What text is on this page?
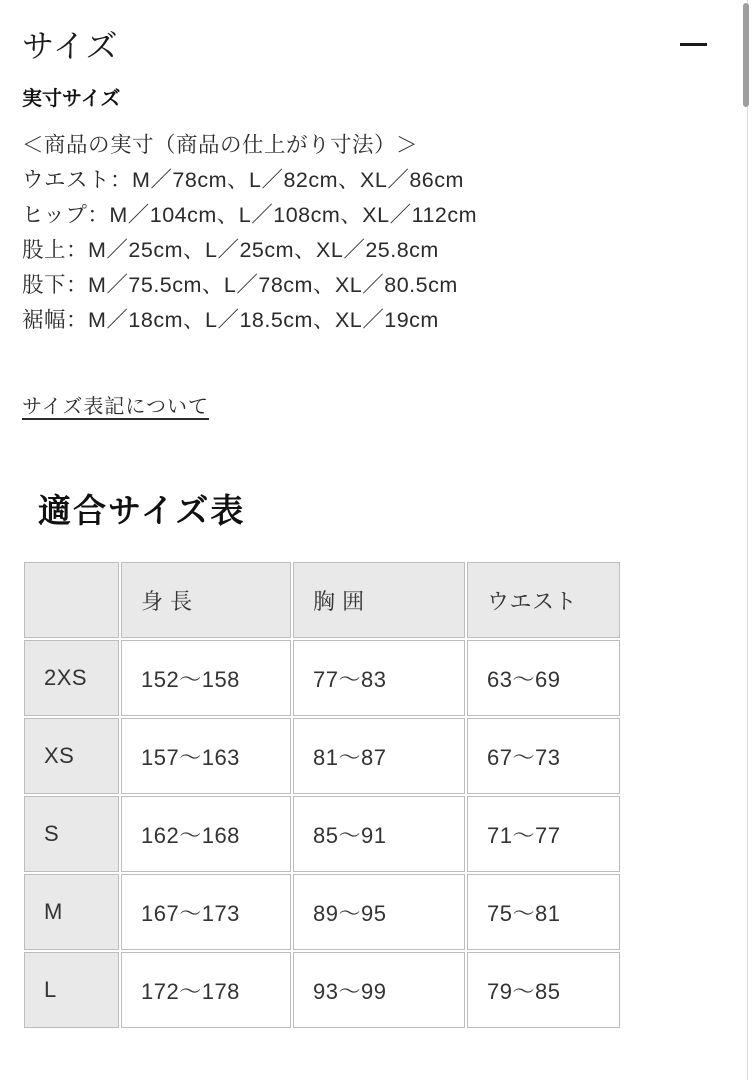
サイズ
実寸サイズ
＜商品の実寸（商品の仕上がり寸法）＞
ウエスト：M／78cm、L／82cm、XL／86cm
ヒップ：M／104cm、L／108cm、XL／112cm
股上：M／25cm、L／25cm、XL／25.8cm
股下：M／75.5cm、L／78cm、XL／80.5cm
裾幅：M／18cm、L／18.5cm、XL／19cm
サイズ表記について
適合サイズ表
	身 長	胸 囲	ウエスト
2XS	152〜158	77〜83	63〜69
XS	157〜163	81〜87	67〜73
S	162〜168	85〜91	71〜77
M	167〜173	89〜95	75〜81
L	172〜178	93〜99	79〜85
